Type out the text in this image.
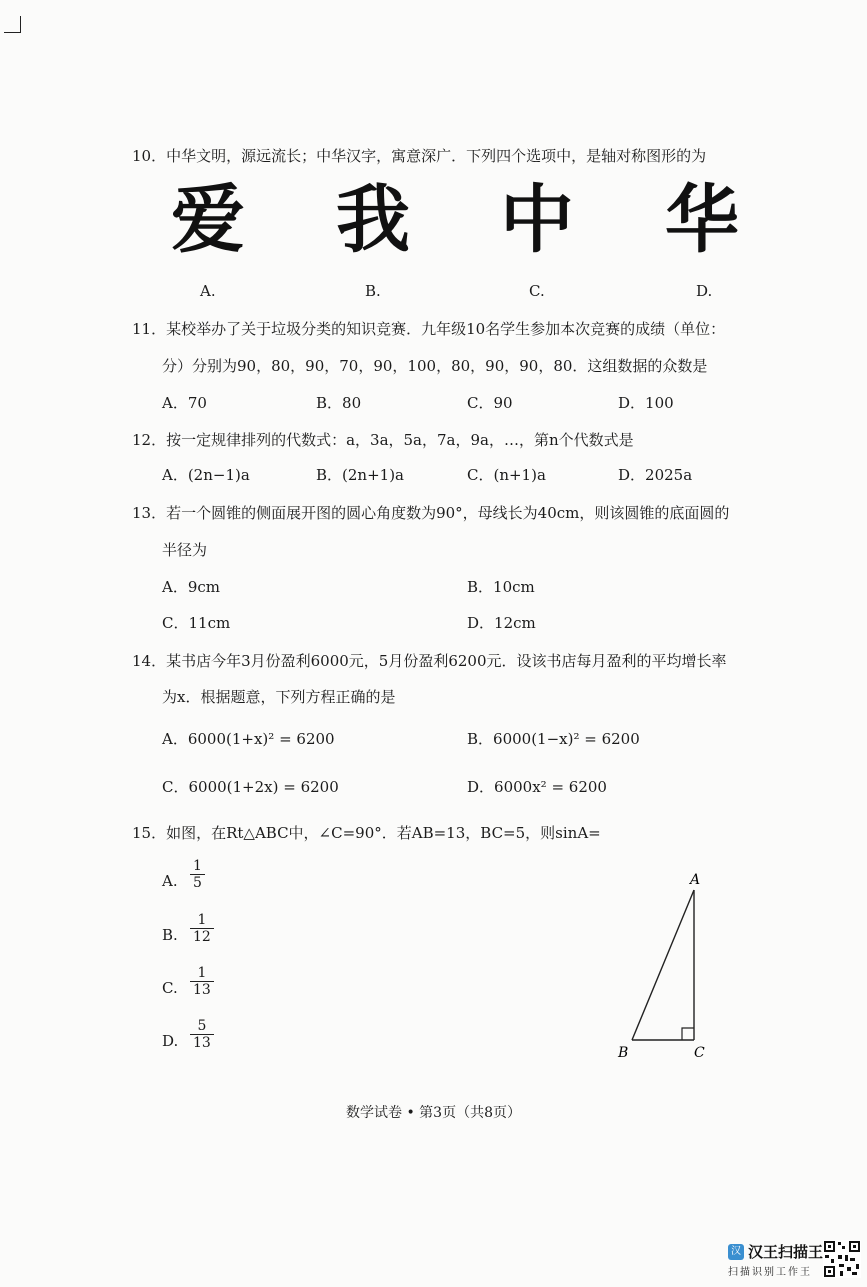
10．中华文明，源远流长；中华汉字，寓意深广．下列四个选项中，是轴对称图形的为
爱 我 中 华
A.	B.	C.	D.
11．某校举办了关于垃圾分类的知识竞赛．九年级10名学生参加本次竞赛的成绩（单位：
分）分别为90，80，90，70，90，100，80，90，90，80．这组数据的众数是
A．70	B．80	C．90	D．100
12．按一定规律排列的代数式：a，3a，5a，7a，9a，…，第n个代数式是
A．(2n−1)a	B．(2n+1)a	C．(n+1)a	D．2025a
13．若一个圆锥的侧面展开图的圆心角度数为90°，母线长为40cm，则该圆锥的底面圆的
半径为
A．9cm	B．10cm
C．11cm	D．12cm
14．某书店今年3月份盈利6000元，5月份盈利6200元．设该书店每月盈利的平均增长率
为x．根据题意，下列方程正确的是
A．6000(1+x)² = 6200	B．6000(1−x)² = 6200
C．6000(1+2x) = 6200	D．6000x² = 6200
15．如图，在Rt△ABC中，∠C=90°．若AB=13，BC=5，则sinA=
A. $\frac{1}{5}$
B. $\frac{1}{12}$
C. $\frac{1}{13}$
D. $\frac{5}{13}$
A
B	C
数学试卷 • 第3页（共8页）
汉 汉王扫描王
扫描识别工作王
